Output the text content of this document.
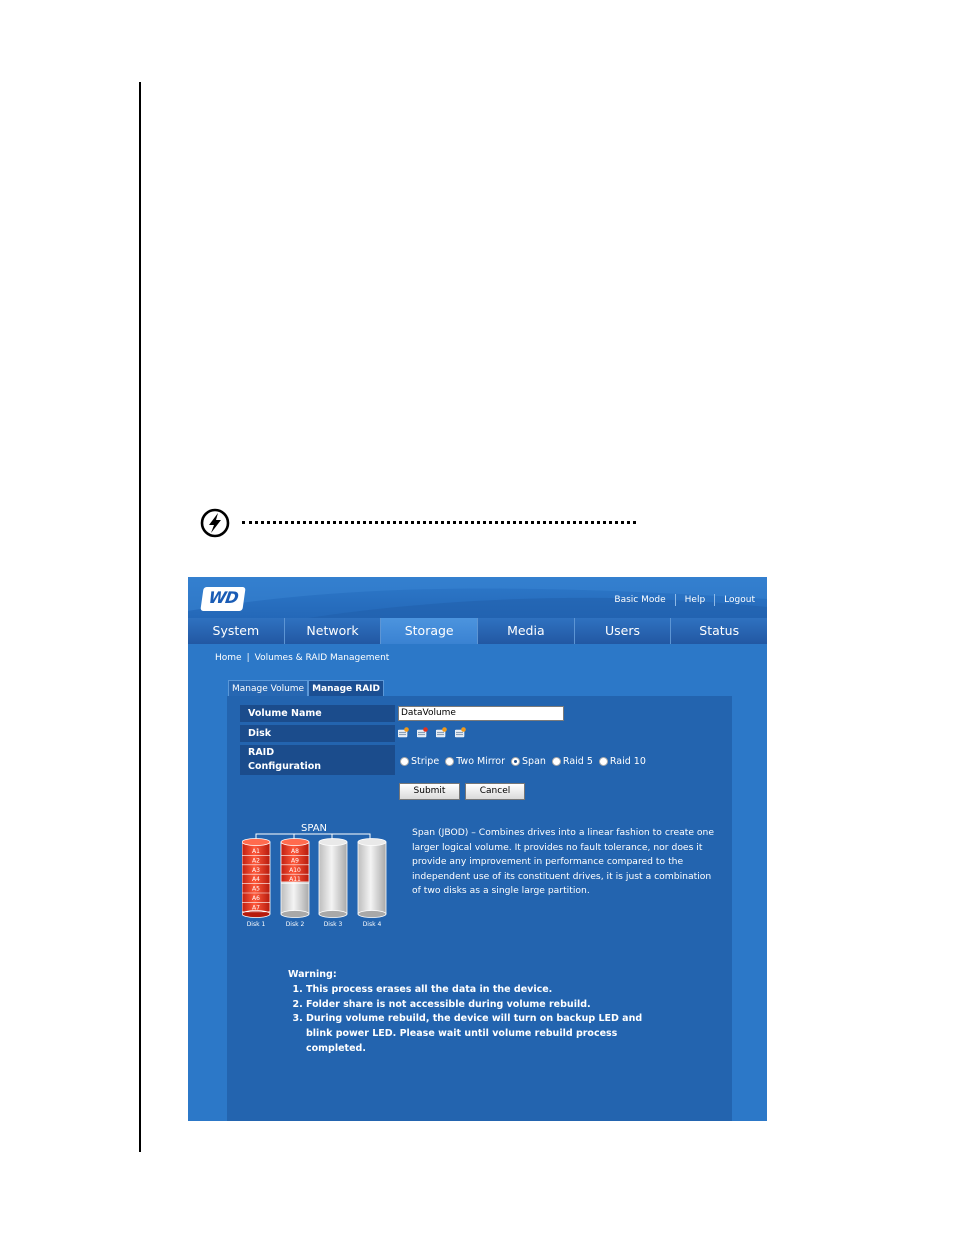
WD	Basic Mode Help Logout
System	Network	Storage	Media	Users	Status
Home | Volumes & RAID Management
Manage Volume Manage RAID
Volume Name	DataVolume
Disk
RAID
Configuration	Stripe Two Mirror Span Raid 5 Raid 10
Submit	Cancel
SPAN
A1
A2
A3
A4
A5
A6
A7
A8
A9
A10
A11
Disk 1	Disk 2	Disk 3	Disk 4
Span (JBOD) – Combines drives into a linear fashion to create one larger logical volume. It provides no fault tolerance, nor does it provide any improvement in performance compared to the independent use of its constituent drives, it is just a combination of two disks as a single large partition.
Warning:
1. This process erases all the data in the device.
2. Folder share is not accessible during volume rebuild.
3. During volume rebuild, the device will turn on backup LED and blink power LED. Please wait until volume rebuild process completed.
